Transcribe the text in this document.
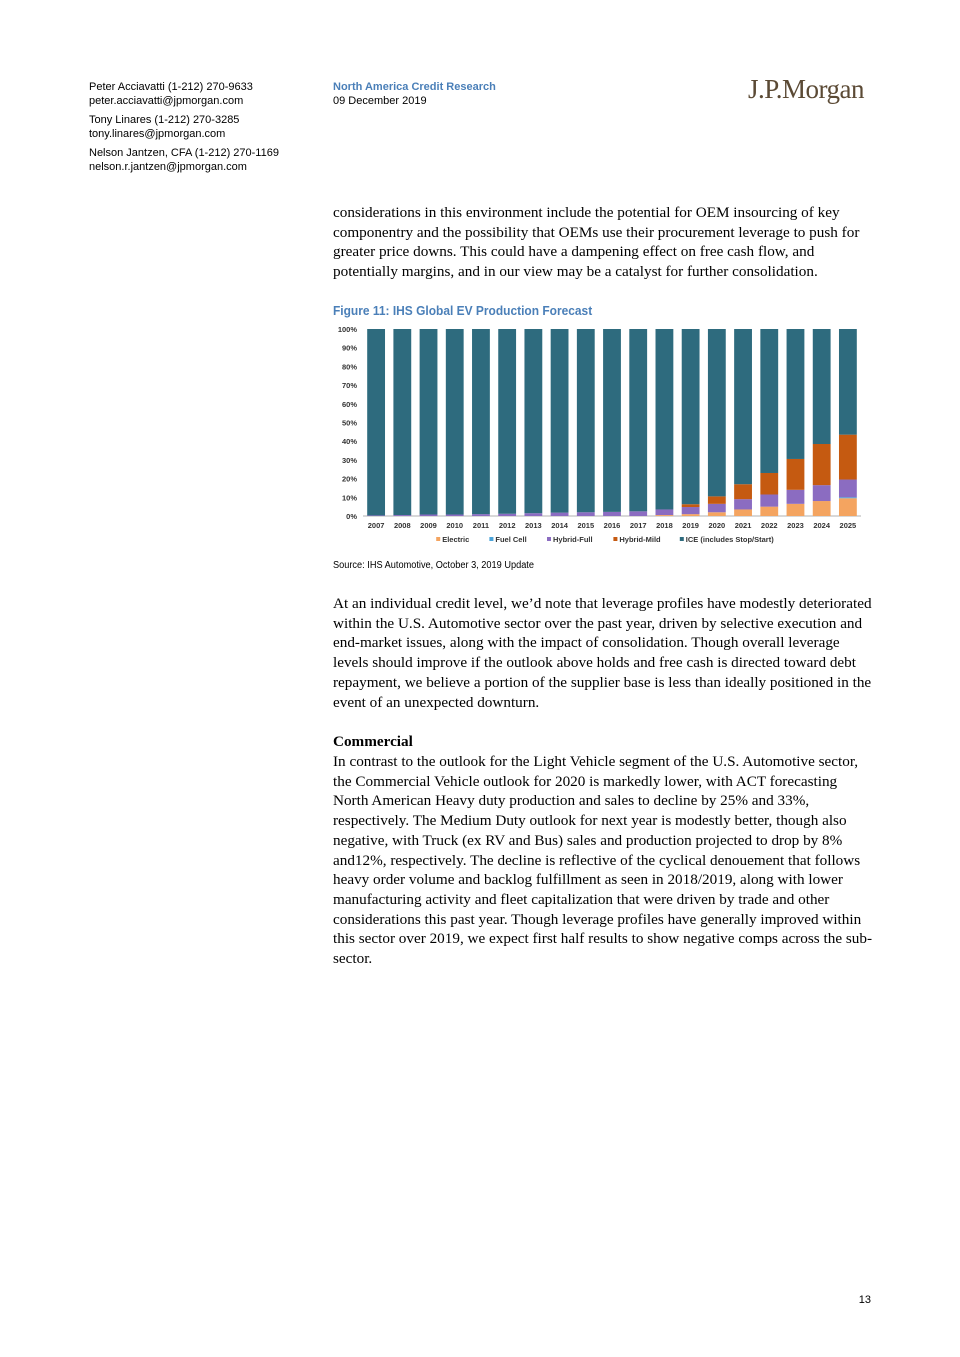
Peter Acciavatti (1-212) 270-9633
peter.acciavatti@jpmorgan.com
Tony Linares (1-212) 270-3285
tony.linares@jpmorgan.com
Nelson Jantzen, CFA (1-212) 270-1169
nelson.r.jantzen@jpmorgan.com
North America Credit Research
09 December 2019	J.P.Morgan

considerations in this environment include the potential for OEM insourcing of key componentry and the possibility that OEMs use their procurement leverage to push for greater price downs. This could have a dampening effect on free cash flow, and potentially margins, and in our view may be a catalyst for further consolidation.

Figure 11: IHS Global EV Production Forecast
0%
10%
20%
30%
40%
50%
60%
70%
80%
90%
100%
2007 2008 2009 2010 2011 2012 2013 2014 2015 2016 2017 2018 2019 2020 2021 2022 2023 2024 2025
Electric	Fuel Cell	Hybrid-Full	Hybrid-Mild	ICE (includes Stop/Start)
Source: IHS Automotive, October 3, 2019 Update

At an individual credit level, we’d note that leverage profiles have modestly deteriorated within the U.S. Automotive sector over the past year, driven by selective execution and end-market issues, along with the impact of consolidation. Though overall leverage levels should improve if the outlook above holds and free cash is directed toward debt repayment, we believe a portion of the supplier base is less than ideally positioned in the event of an unexpected downturn.

Commercial

In contrast to the outlook for the Light Vehicle segment of the U.S. Automotive sector, the Commercial Vehicle outlook for 2020 is markedly lower, with ACT forecasting North American Heavy duty production and sales to decline by 25% and 33%, respectively. The Medium Duty outlook for next year is modestly better, though also negative, with Truck (ex RV and Bus) sales and production projected to drop by 8% and12%, respectively. The decline is reflective of the cyclical denouement that follows heavy order volume and backlog fulfillment as seen in 2018/2019, along with lower manufacturing activity and fleet capitalization that were driven by trade and other considerations this past year. Though leverage profiles have generally improved within this sector over 2019, we expect first half results to show negative comps across the sub-sector.

13
